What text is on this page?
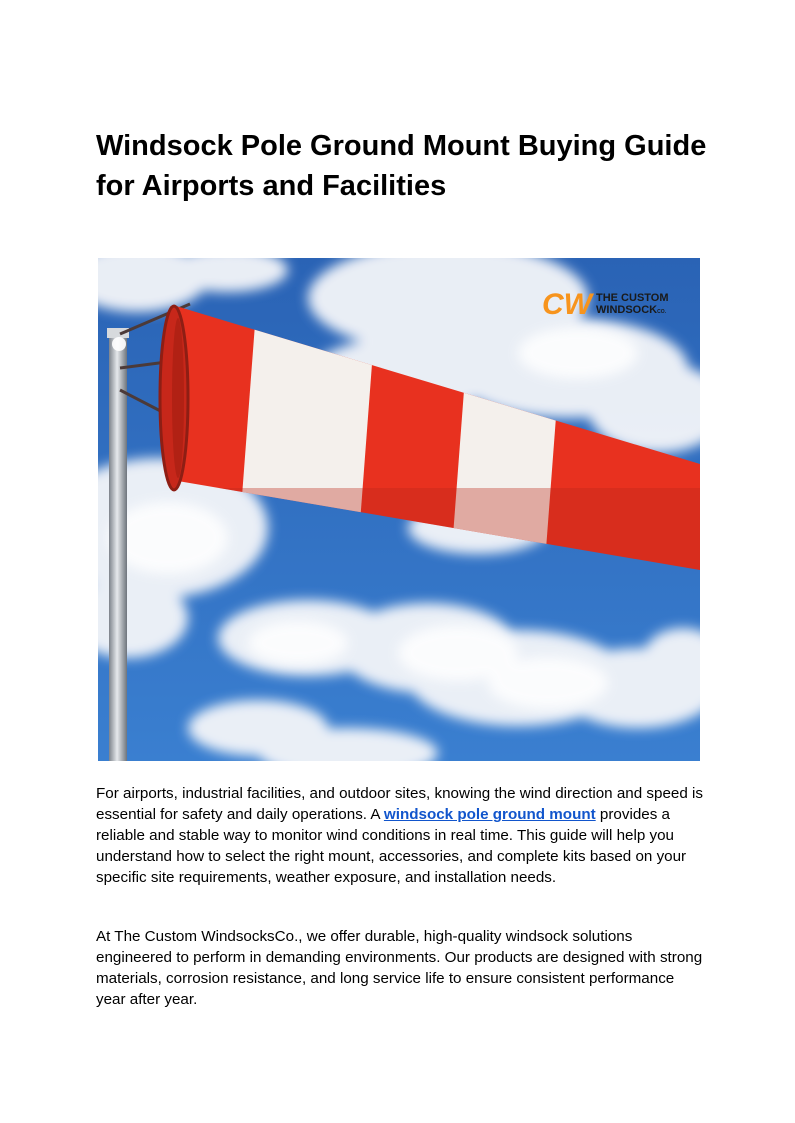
Windsock Pole Ground Mount Buying Guide for Airports and Facilities
CW THE CUSTOM
WINDSOCKCO.

For airports, industrial facilities, and outdoor sites, knowing the wind direction and speed is essential for safety and daily operations. A windsock pole ground mount provides a reliable and stable way to monitor wind conditions in real time. This guide will help you understand how to select the right mount, accessories, and complete kits based on your specific site requirements, weather exposure, and installation needs.

At The Custom WindsocksCo., we offer durable, high-quality windsock solutions engineered to perform in demanding environments. Our products are designed with strong materials, corrosion resistance, and long service life to ensure consistent performance year after year.
